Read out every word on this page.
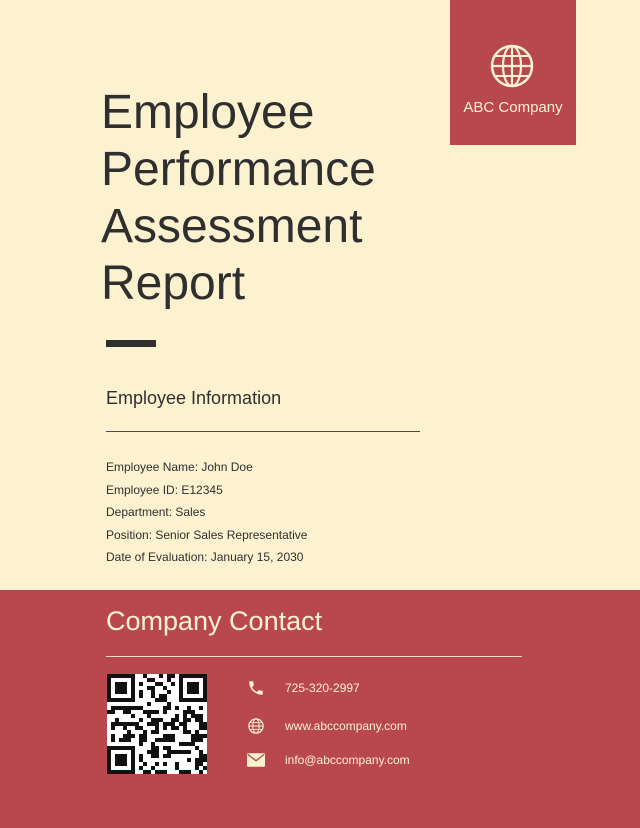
ABC Company
Employee
Performance
Assessment
Report
Employee Information
Employee Name: John Doe
Employee ID: E12345
Department: Sales
Position: Senior Sales Representative
Date of Evaluation: January 15, 2030
Company Contact
725-320-2997
www.abccompany.com
info@abccompany.com
